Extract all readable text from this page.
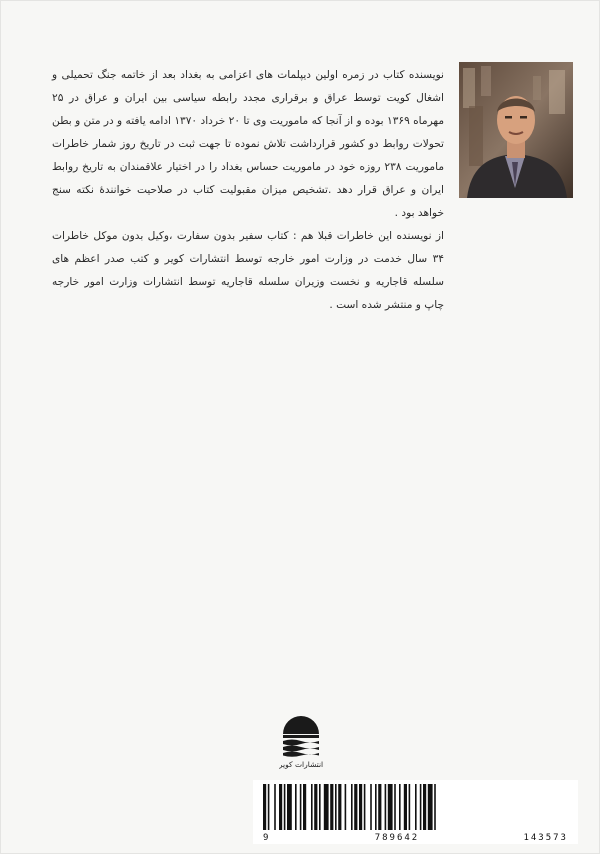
نویسنده کتاب در زمره اولین دیپلمات های اعزامی به بغداد بعد از خاتمه جنگ تحمیلی و اشغال کویت توسط عراق و برقراری مجدد رابطه سیاسی بین ایران و عراق در ۲۵ مهرماه ۱۳۶۹ بوده و از آنجا که ماموریت وی تا ۲۰ خرداد ۱۳۷۰ ادامه یافته و در متن و بطن تحولات روابط دو کشور قرارداشت تلاش نموده تا جهت ثبت در تاریخ روز شمار خاطرات ماموریت ۲۳۸ روزه خود در ماموریت حساس بغداد را در اختیار علاقمندان به تاریخ روابط ایران و عراق قرار دهد .تشخیص میزان مقبولیت کتاب در صلاحیت خوانندهٔ نکته سنج خواهد بود .

از نویسنده این خاطرات قبلا هم : کتاب سفیر بدون سفارت ،وکیل بدون موکل خاطرات ۳۴ سال خدمت در وزارت امور خارجه توسط انتشارات کویر و کتب صدر اعظم های سلسله قاجاریه و نخست وزیران سلسله قاجاریه توسط انتشارات وزارت امور خارجه چاپ و منتشر شده است .

انتشارات کویر
9	789642	143573
